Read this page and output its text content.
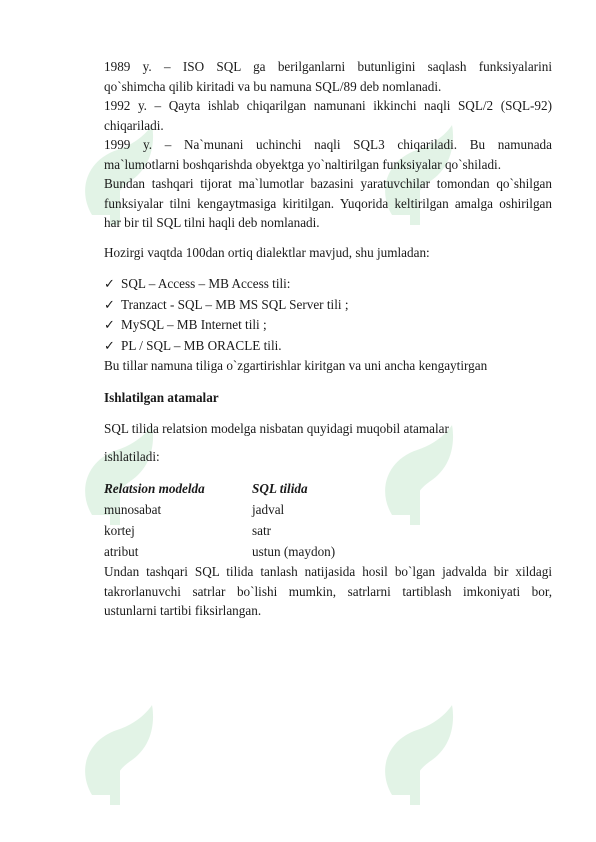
1989 y. – ISO SQL ga berilganlarni butunligini saqlash funksiyalarini

qo`shimcha qilib kiritadi va bu namuna SQL/89 deb nomlanadi.

1992 y. – Qayta ishlab chiqarilgan namunani ikkinchi naqli SQL/2 (SQL-92)

chiqariladi.

1999 y. – Na`munani uchinchi naqli SQL3 chiqariladi. Bu namunada

ma`lumotlarni boshqarishda obyektga yo`naltirilgan funksiyalar qo`shiladi.

Bundan tashqari tijorat ma`lumotlar bazasini yaratuvchilar tomondan qo`shilgan

funksiyalar tilni kengaytmasiga kiritilgan. Yuqorida keltirilgan amalga oshirilgan

har bir til SQL tilni haqli deb nomlanadi.

Hozirgi vaqtda 100dan ortiq dialektlar mavjud, shu jumladan:

✓ SQL – Access – MB Access tili:
✓ Tranzact - SQL – MB MS SQL Server tili ;
✓ MySQL – MB Internet tili ;
✓ PL / SQL – MB ORACLE tili.

Bu tillar namuna tiliga o`zgartirishlar kiritgan va uni ancha kengaytirgan

Ishlatilgan atamalar

SQL tilida relatsion modelga nisbatan quyidagi muqobil atamalar

ishlatiladi:

Relatsion modelda	SQL tilida
munosabat	jadval
kortej	satr
atribut	ustun (maydon)

Undan tashqari SQL tilida tanlash natijasida hosil bo`lgan jadvalda bir xildagi

takrorlanuvchi satrlar bo`lishi mumkin, satrlarni tartiblash imkoniyati bor,

ustunlarni tartibi fiksirlangan.
